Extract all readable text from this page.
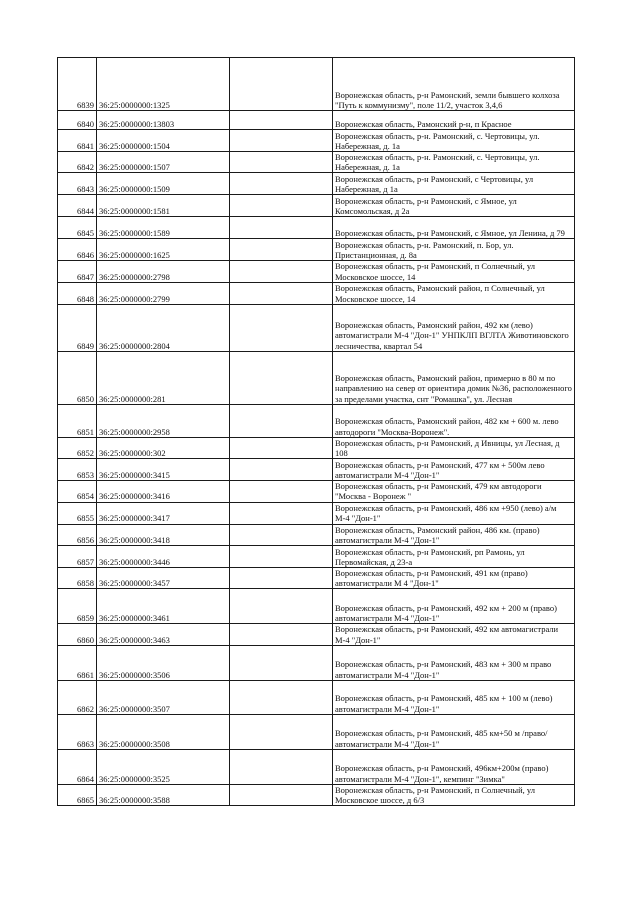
6839	36:25:0000000:1325		Воронежская область, р-н Рамонский, земли бывшего колхоза "Путь к коммунизму", поле 11/2, участок 3,4,6
6840	36:25:0000000:13803		Воронежская область, Рамонский р-н, п Красное
6841	36:25:0000000:1504		Воронежская область, р-н. Рамонский, с. Чертовицы, ул. Набережная, д. 1а
6842	36:25:0000000:1507		Воронежская область, р-н. Рамонский, с. Чертовицы, ул. Набережная, д. 1а
6843	36:25:0000000:1509		Воронежская область, р-н Рамонский, с Чертовицы, ул Набережная, д 1а
6844	36:25:0000000:1581		Воронежская область, р-н Рамонский, с Ямное, ул Комсомольская, д 2а
6845	36:25:0000000:1589		Воронежская область, р-н Рамонский, с Ямное, ул Ленина, д 79
6846	36:25:0000000:1625		Воронежская область, р-н. Рамонский, п. Бор, ул. Пристанционная, д. 8а
6847	36:25:0000000:2798		Воронежская область, р-н Рамонский, п Солнечный, ул Московское шоссе, 14
6848	36:25:0000000:2799		Воронежская область, Рамонский район, п Солнечный, ул Московское шоссе, 14
6849	36:25:0000000:2804		Воронежская область, Рамонский район, 492 км (лево) автомагистрали М-4 "Дон-1" УНПКЛП ВГЛТА Животиновского лесничества, квартал 54
6850	36:25:0000000:281		Воронежская область, Рамонский район, примерно в 80 м по направлению на север от ориентира домик №36, расположенного за пределами участка, снт "Ромашка", ул. Лесная
6851	36:25:0000000:2958		Воронежская область, Рамонский район, 482 км + 600 м. лево автодороги "Москва-Воронеж".
6852	36:25:0000000:302		Воронежская область, р-н Рамонский, д Ивницы, ул Лесная, д 108
6853	36:25:0000000:3415		Воронежская область, р-н Рамонский, 477 км + 500м лево автомагистрали М-4 "Дон-1"
6854	36:25:0000000:3416		Воронежская область, р-н Рамонский, 479 км автодороги "Москва - Воронеж "
6855	36:25:0000000:3417		Воронежская область, р-н Рамонский, 486 км +950 (лево) а/м М-4 "Дон-1"
6856	36:25:0000000:3418		Воронежская область, Рамонский район, 486 км. (право) автомагистрали М-4 "Дон-1"
6857	36:25:0000000:3446		Воронежская область, р-н Рамонский, рп Рамонь, ул Первомайская, д 23-а
6858	36:25:0000000:3457		Воронежская область, р-н Рамонский, 491 км (право) автомагистрали М 4 "Дон-1"
6859	36:25:0000000:3461		Воронежская область, р-н Рамонский, 492 км + 200 м (право) автомагистрали М-4 "Дон-1"
6860	36:25:0000000:3463		Воронежская область, р-н Рамонский, 492 км автомагистрали М-4 "Дон-1"
6861	36:25:0000000:3506		Воронежская область, р-н Рамонский, 483 км + 300 м право автомагистрали М-4 "Дон-1"
6862	36:25:0000000:3507		Воронежская область, р-н Рамонский, 485 км + 100 м (лево) автомагистрали М-4 "Дон-1"
6863	36:25:0000000:3508		Воронежская область, р-н Рамонский, 485 км+50 м /право/ автомагистрали М-4 "Дон-1"
6864	36:25:0000000:3525		Воронежская область, р-н Рамонский, 496км+200м (право) автомагистрали М-4 "Дон-1", кемпинг "Зимка"
6865	36:25:0000000:3588		Воронежская область, р-н Рамонский, п Солнечный, ул Московское шоссе, д 6/3
